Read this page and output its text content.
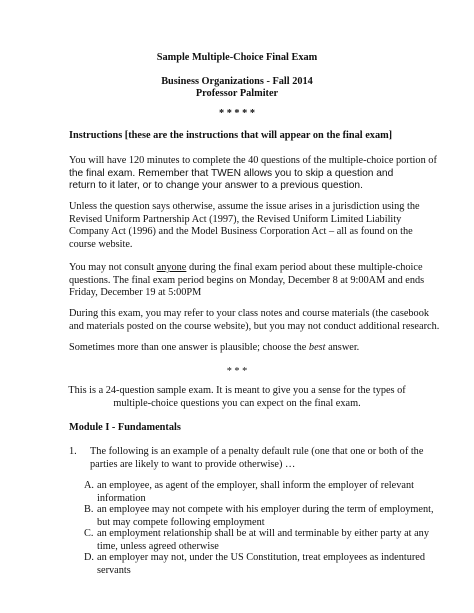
Sample Multiple-Choice Final Exam
Business Organizations - Fall 2014
Professor Palmiter
* * * * *
Instructions [these are the instructions that will appear on the final exam]
You will have 120 minutes to complete the 40 questions of the multiple-choice portion of
the final exam. Remember that TWEN allows you to skip a question and
return to it later, or to change your answer to a previous question.
Unless the question says otherwise, assume the issue arises in a jurisdiction using the
Revised Uniform Partnership Act (1997), the Revised Uniform Limited Liability
Company Act (1996) and the Model Business Corporation Act – all as found on the
course website.
You may not consult anyone during the final exam period about these multiple-choice
questions. The final exam period begins on Monday, December 8 at 9:00AM and ends
Friday, December 19 at 5:00PM
During this exam, you may refer to your class notes and course materials (the casebook
and materials posted on the course website), but you may not conduct additional research.
Sometimes more than one answer is plausible; choose the best answer.
* * *
This is a 24-question sample exam. It is meant to give you a sense for the types of
multiple-choice questions you can expect on the final exam.
Module I - Fundamentals
1. The following is an example of a penalty default rule (one that one or both of the
parties are likely to want to provide otherwise) …
A. an employee, as agent of the employer, shall inform the employer of relevant
information
B. an employee may not compete with his employer during the term of employment,
but may compete following employment
C. an employment relationship shall be at will and terminable by either party at any
time, unless agreed otherwise
D. an employer may not, under the US Constitution, treat employees as indentured
servants
